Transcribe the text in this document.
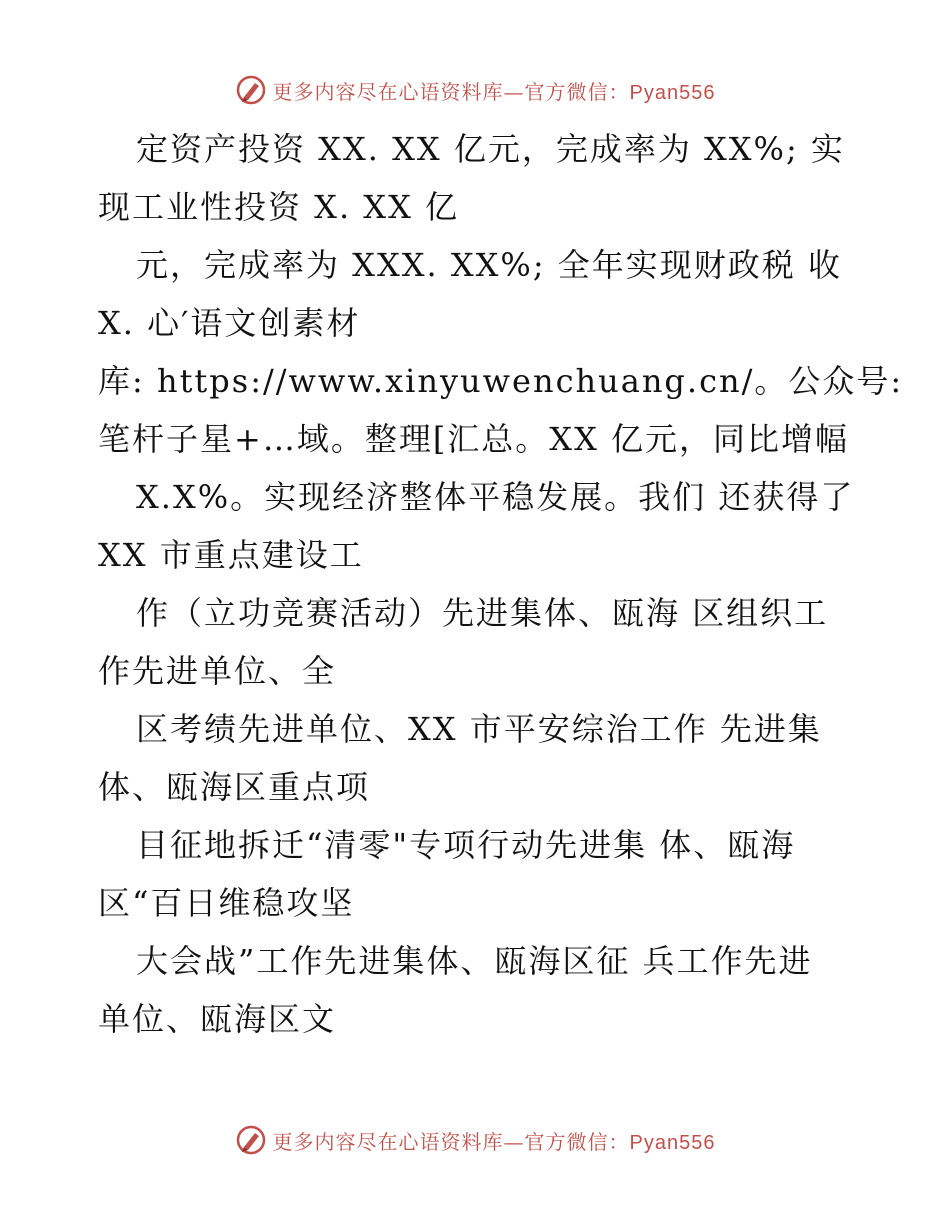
更多内容尽在心语资料库—官方微信：Pyan556
定资产投资 XX. XX 亿元，完成率为 XX%; 实
现工业性投资 X. XX 亿
元，完成率为 XXX. XX%; 全年实现财政税 收
X. 心′语文创素材
库: https://www.xinyuwenchuang.cn/。公众号:
笔杆子星+…域。整理[汇总。XX 亿元，同比增幅
X.X%。实现经济整体平稳发展。我们 还获得了
XX 市重点建设工
作（立功竞赛活动）先进集体、瓯海 区组织工
作先进单位、全
区考绩先进单位、XX 市平安综治工作 先进集
体、瓯海区重点项
目征地拆迁“清零"专项行动先进集 体、瓯海
区“百日维稳攻坚
大会战”工作先进集体、瓯海区征 兵工作先进
单位、瓯海区文
更多内容尽在心语资料库—官方微信：Pyan556
